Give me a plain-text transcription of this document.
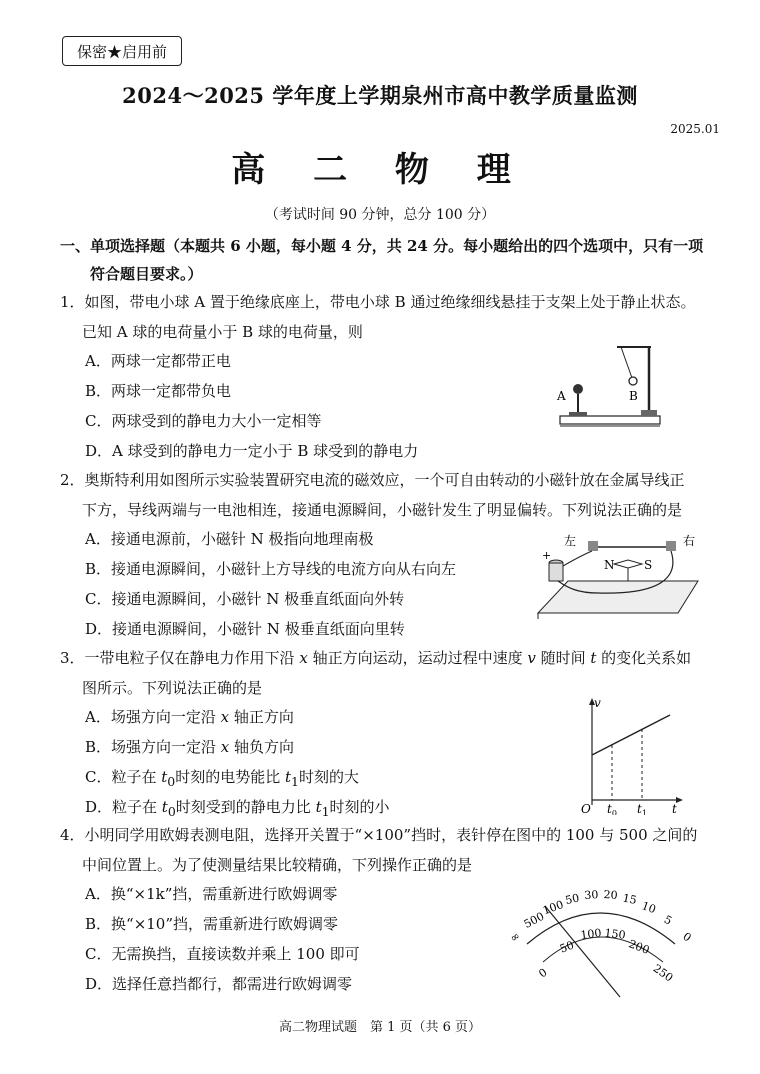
保密★启用前
2024～2025 学年度上学期泉州市高中教学质量监测
2025.01
高 二 物 理
（考试时间 90 分钟，总分 100 分）
一、单项选择题（本题共 6 小题，每小题 4 分，共 24 分。每小题给出的四个选项中，只有一项
符合题目要求。）
1．如图，带电小球 A 置于绝缘底座上，带电小球 B 通过绝缘细线悬挂于支架上处于静止状态。
已知 A 球的电荷量小于 B 球的电荷量，则
A．两球一定都带正电
B．两球一定都带负电
C．两球受到的静电力大小一定相等
D．A 球受到的静电力一定小于 B 球受到的静电力
A	B
2．奥斯特利用如图所示实验装置研究电流的磁效应，一个可自由转动的小磁针放在金属导线正
下方，导线两端与一电池相连，接通电源瞬间，小磁针发生了明显偏转。下列说法正确的是
A．接通电源前，小磁针 N 极指向地理南极
B．接通电源瞬间，小磁针上方导线的电流方向从右向左
C．接通电源瞬间，小磁针 N 极垂直纸面向外转
D．接通电源瞬间，小磁针 N 极垂直纸面向里转
+
左	右
N S
3．一带电粒子仅在静电力作用下沿 x 轴正方向运动，运动过程中速度 v 随时间 t 的变化关系如
图所示。下列说法正确的是
A．场强方向一定沿 x 轴正方向
B．场强方向一定沿 x 轴负方向
C．粒子在 $t_0$时刻的电势能比 $t_1$时刻的大
D．粒子在 $t_0$时刻受到的静电力比 $t_1$时刻的小
v
O $t_0$ $t_1$ t
4．小明同学用欧姆表测电阻，选择开关置于“×100”挡时，表针停在图中的 100 与 500 之间的
中间位置上。为了使测量结果比较精确，下列操作正确的是
A．换“×1k”挡，需重新进行欧姆调零
B．换“×10”挡，需重新进行欧姆调零
C．无需换挡，直接读数并乘上 100 即可
D．选择任意挡都行，都需进行欧姆调零
∞
500
100
50 30 20 15 10
5
0
0
50
100 150
200
250
高二物理试题　第 1 页（共 6 页）
